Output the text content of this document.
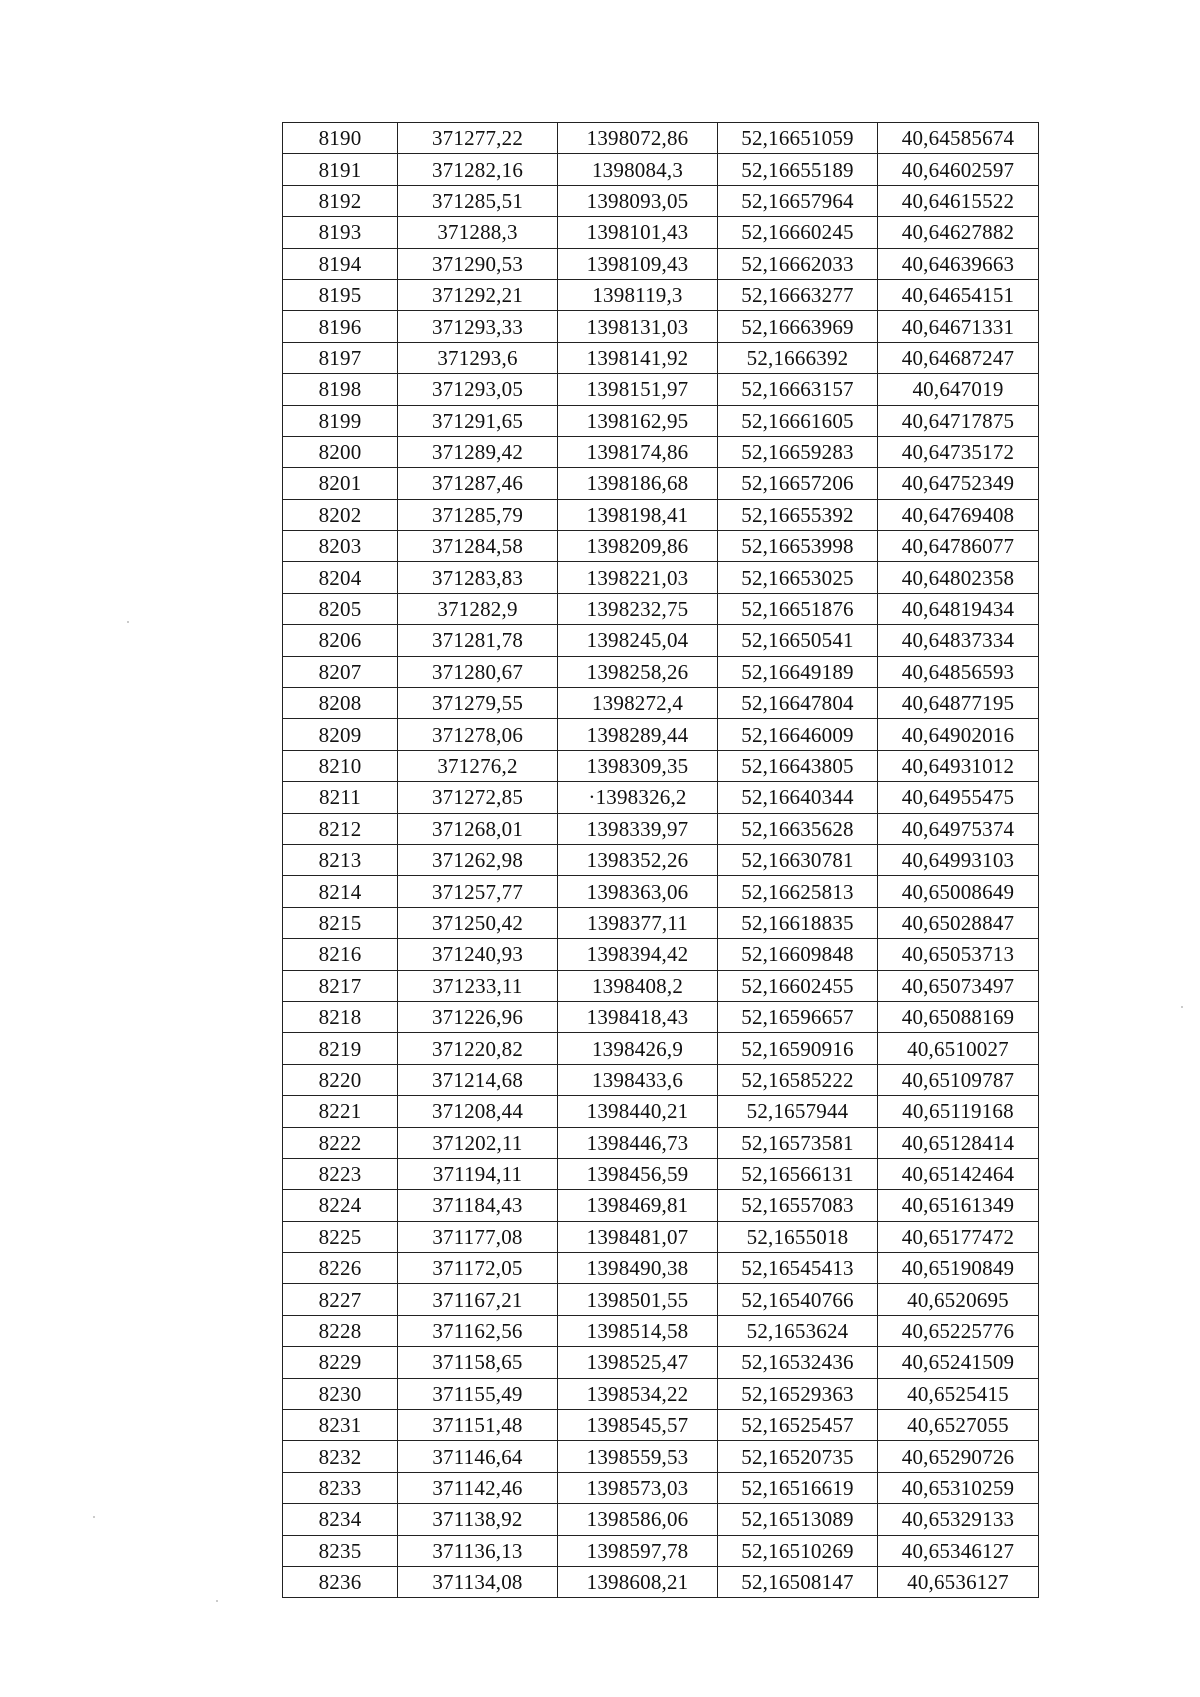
8190	371277,22	1398072,86	52,16651059	40,64585674
8191	371282,16	1398084,3	52,16655189	40,64602597
8192	371285,51	1398093,05	52,16657964	40,64615522
8193	371288,3	1398101,43	52,16660245	40,64627882
8194	371290,53	1398109,43	52,16662033	40,64639663
8195	371292,21	1398119,3	52,16663277	40,64654151
8196	371293,33	1398131,03	52,16663969	40,64671331
8197	371293,6	1398141,92	52,1666392	40,64687247
8198	371293,05	1398151,97	52,16663157	40,647019
8199	371291,65	1398162,95	52,16661605	40,64717875
8200	371289,42	1398174,86	52,16659283	40,64735172
8201	371287,46	1398186,68	52,16657206	40,64752349
8202	371285,79	1398198,41	52,16655392	40,64769408
8203	371284,58	1398209,86	52,16653998	40,64786077
8204	371283,83	1398221,03	52,16653025	40,64802358
8205	371282,9	1398232,75	52,16651876	40,64819434
8206	371281,78	1398245,04	52,16650541	40,64837334
8207	371280,67	1398258,26	52,16649189	40,64856593
8208	371279,55	1398272,4	52,16647804	40,64877195
8209	371278,06	1398289,44	52,16646009	40,64902016
8210	371276,2	1398309,35	52,16643805	40,64931012
8211	371272,85	·1398326,2	52,16640344	40,64955475
8212	371268,01	1398339,97	52,16635628	40,64975374
8213	371262,98	1398352,26	52,16630781	40,64993103
8214	371257,77	1398363,06	52,16625813	40,65008649
8215	371250,42	1398377,11	52,16618835	40,65028847
8216	371240,93	1398394,42	52,16609848	40,65053713
8217	371233,11	1398408,2	52,16602455	40,65073497
8218	371226,96	1398418,43	52,16596657	40,65088169
8219	371220,82	1398426,9	52,16590916	40,6510027
8220	371214,68	1398433,6	52,16585222	40,65109787
8221	371208,44	1398440,21	52,1657944	40,65119168
8222	371202,11	1398446,73	52,16573581	40,65128414
8223	371194,11	1398456,59	52,16566131	40,65142464
8224	371184,43	1398469,81	52,16557083	40,65161349
8225	371177,08	1398481,07	52,1655018	40,65177472
8226	371172,05	1398490,38	52,16545413	40,65190849
8227	371167,21	1398501,55	52,16540766	40,6520695
8228	371162,56	1398514,58	52,1653624	40,65225776
8229	371158,65	1398525,47	52,16532436	40,65241509
8230	371155,49	1398534,22	52,16529363	40,6525415
8231	371151,48	1398545,57	52,16525457	40,6527055
8232	371146,64	1398559,53	52,16520735	40,65290726
8233	371142,46	1398573,03	52,16516619	40,65310259
8234	371138,92	1398586,06	52,16513089	40,65329133
8235	371136,13	1398597,78	52,16510269	40,65346127
8236	371134,08	1398608,21	52,16508147	40,6536127
